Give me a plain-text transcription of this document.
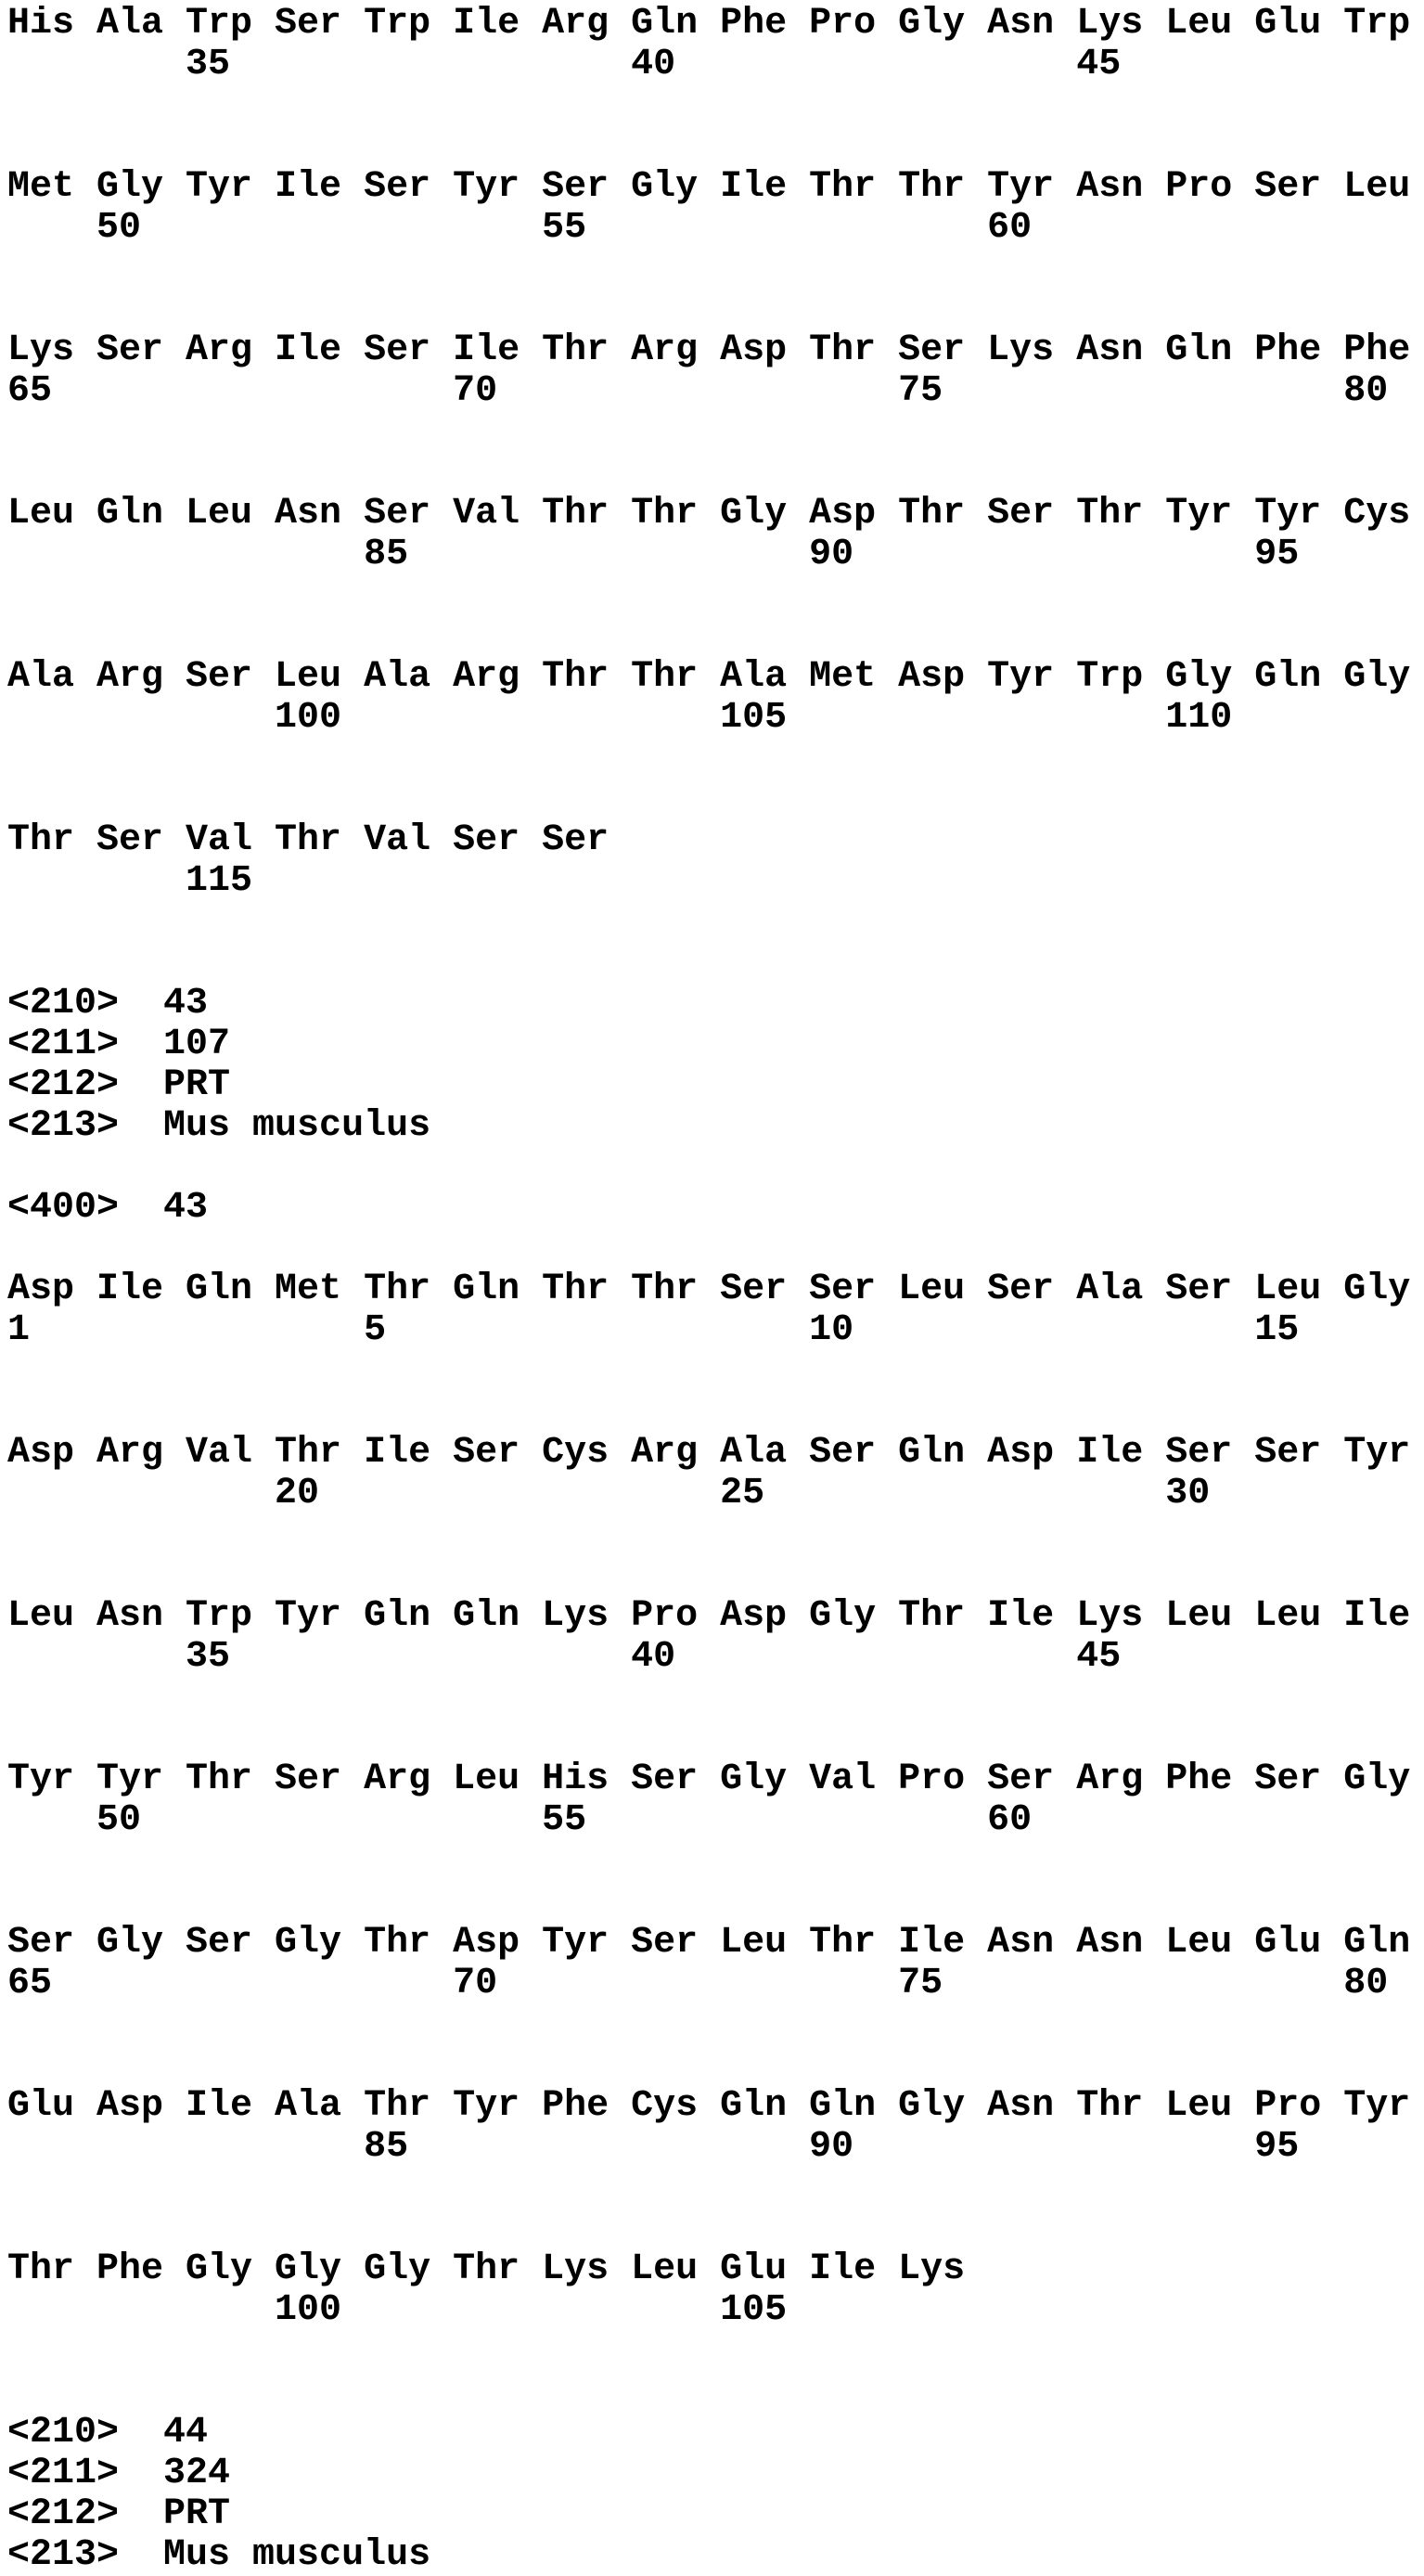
His Ala Trp Ser Trp Ile Arg Gln Phe Pro Gly Asn Lys Leu Glu Trp
35                  40                  45
Met Gly Tyr Ile Ser Tyr Ser Gly Ile Thr Thr Tyr Asn Pro Ser Leu
50                  55                  60
Lys Ser Arg Ile Ser Ile Thr Arg Asp Thr Ser Lys Asn Gln Phe Phe
65                  70                  75                  80
Leu Gln Leu Asn Ser Val Thr Thr Gly Asp Thr Ser Thr Tyr Tyr Cys
85                  90                  95
Ala Arg Ser Leu Ala Arg Thr Thr Ala Met Asp Tyr Trp Gly Gln Gly
100                 105                 110
Thr Ser Val Thr Val Ser Ser
115
<210> 43
<211> 107
<212> PRT
<213> Mus musculus
<400> 43
Asp Ile Gln Met Thr Gln Thr Thr Ser Ser Leu Ser Ala Ser Leu Gly
1               5                   10                  15
Asp Arg Val Thr Ile Ser Cys Arg Ala Ser Gln Asp Ile Ser Ser Tyr
20                  25                  30
Leu Asn Trp Tyr Gln Gln Lys Pro Asp Gly Thr Ile Lys Leu Leu Ile
35                  40                  45
Tyr Tyr Thr Ser Arg Leu His Ser Gly Val Pro Ser Arg Phe Ser Gly
50                  55                  60
Ser Gly Ser Gly Thr Asp Tyr Ser Leu Thr Ile Asn Asn Leu Glu Gln
65                  70                  75                  80
Glu Asp Ile Ala Thr Tyr Phe Cys Gln Gln Gly Asn Thr Leu Pro Tyr
85                  90                  95
Thr Phe Gly Gly Gly Thr Lys Leu Glu Ile Lys
100                 105
<210> 44
<211> 324
<212> PRT
<213> Mus musculus
